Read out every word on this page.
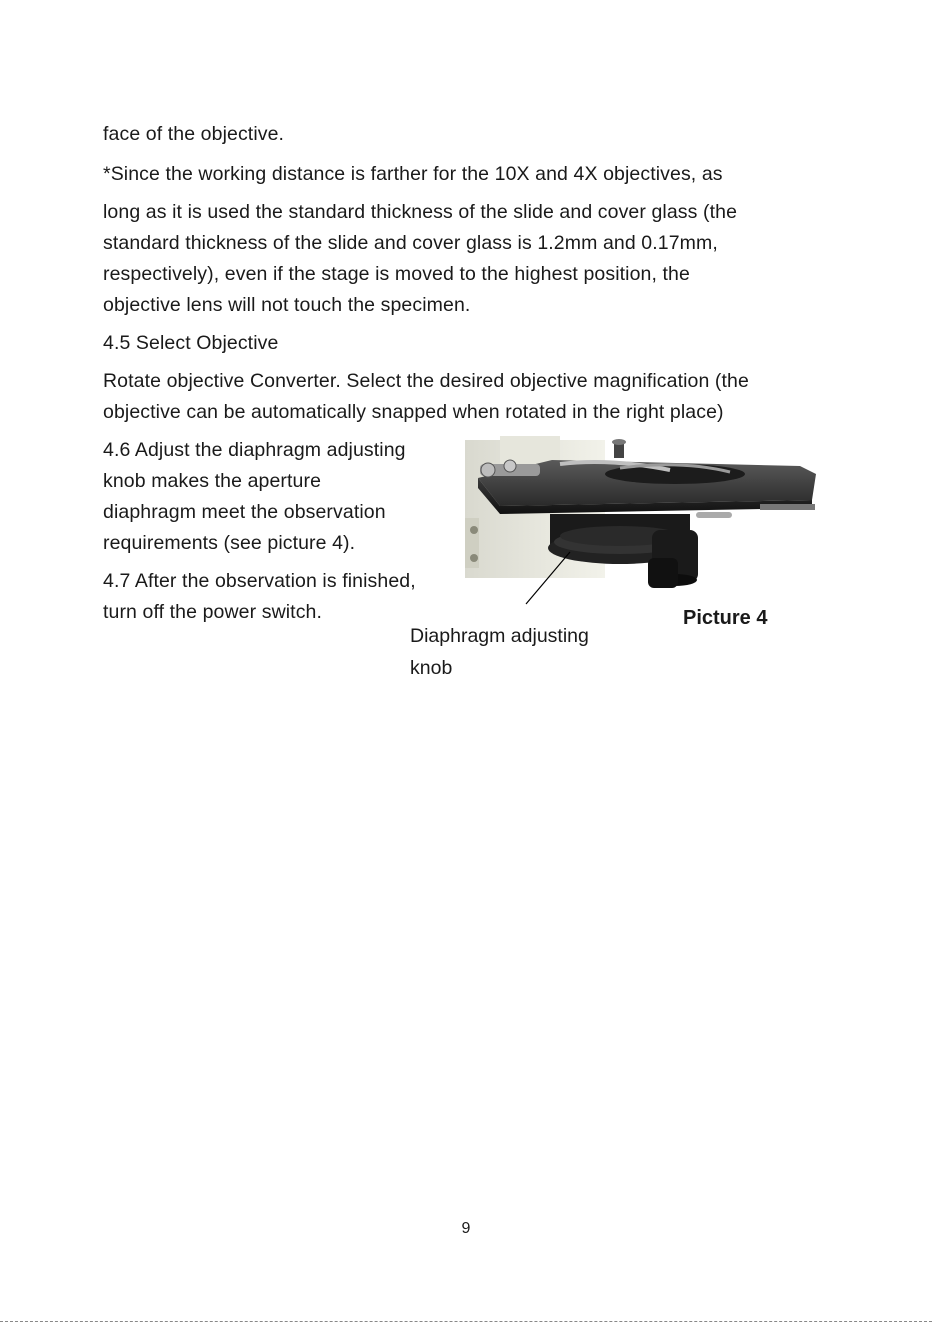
face of the objective.
*Since the working distance is farther for the 10X and 4X objectives, as
long as it is used the standard thickness of the slide and cover glass (the
standard thickness of the slide and cover glass is 1.2mm and 0.17mm,
respectively), even if the stage is moved to the highest position, the
objective lens will not touch the specimen.
4.5 Select Objective
Rotate objective Converter. Select the desired objective magnification (the
objective can be automatically snapped when rotated in the right place)
4.6 Adjust the diaphragm adjusting
knob makes the aperture
diaphragm meet the observation
requirements (see picture 4).
4.7 After the observation is finished,
turn off the power switch.	Picture 4
Diaphragm adjusting
knob
9
